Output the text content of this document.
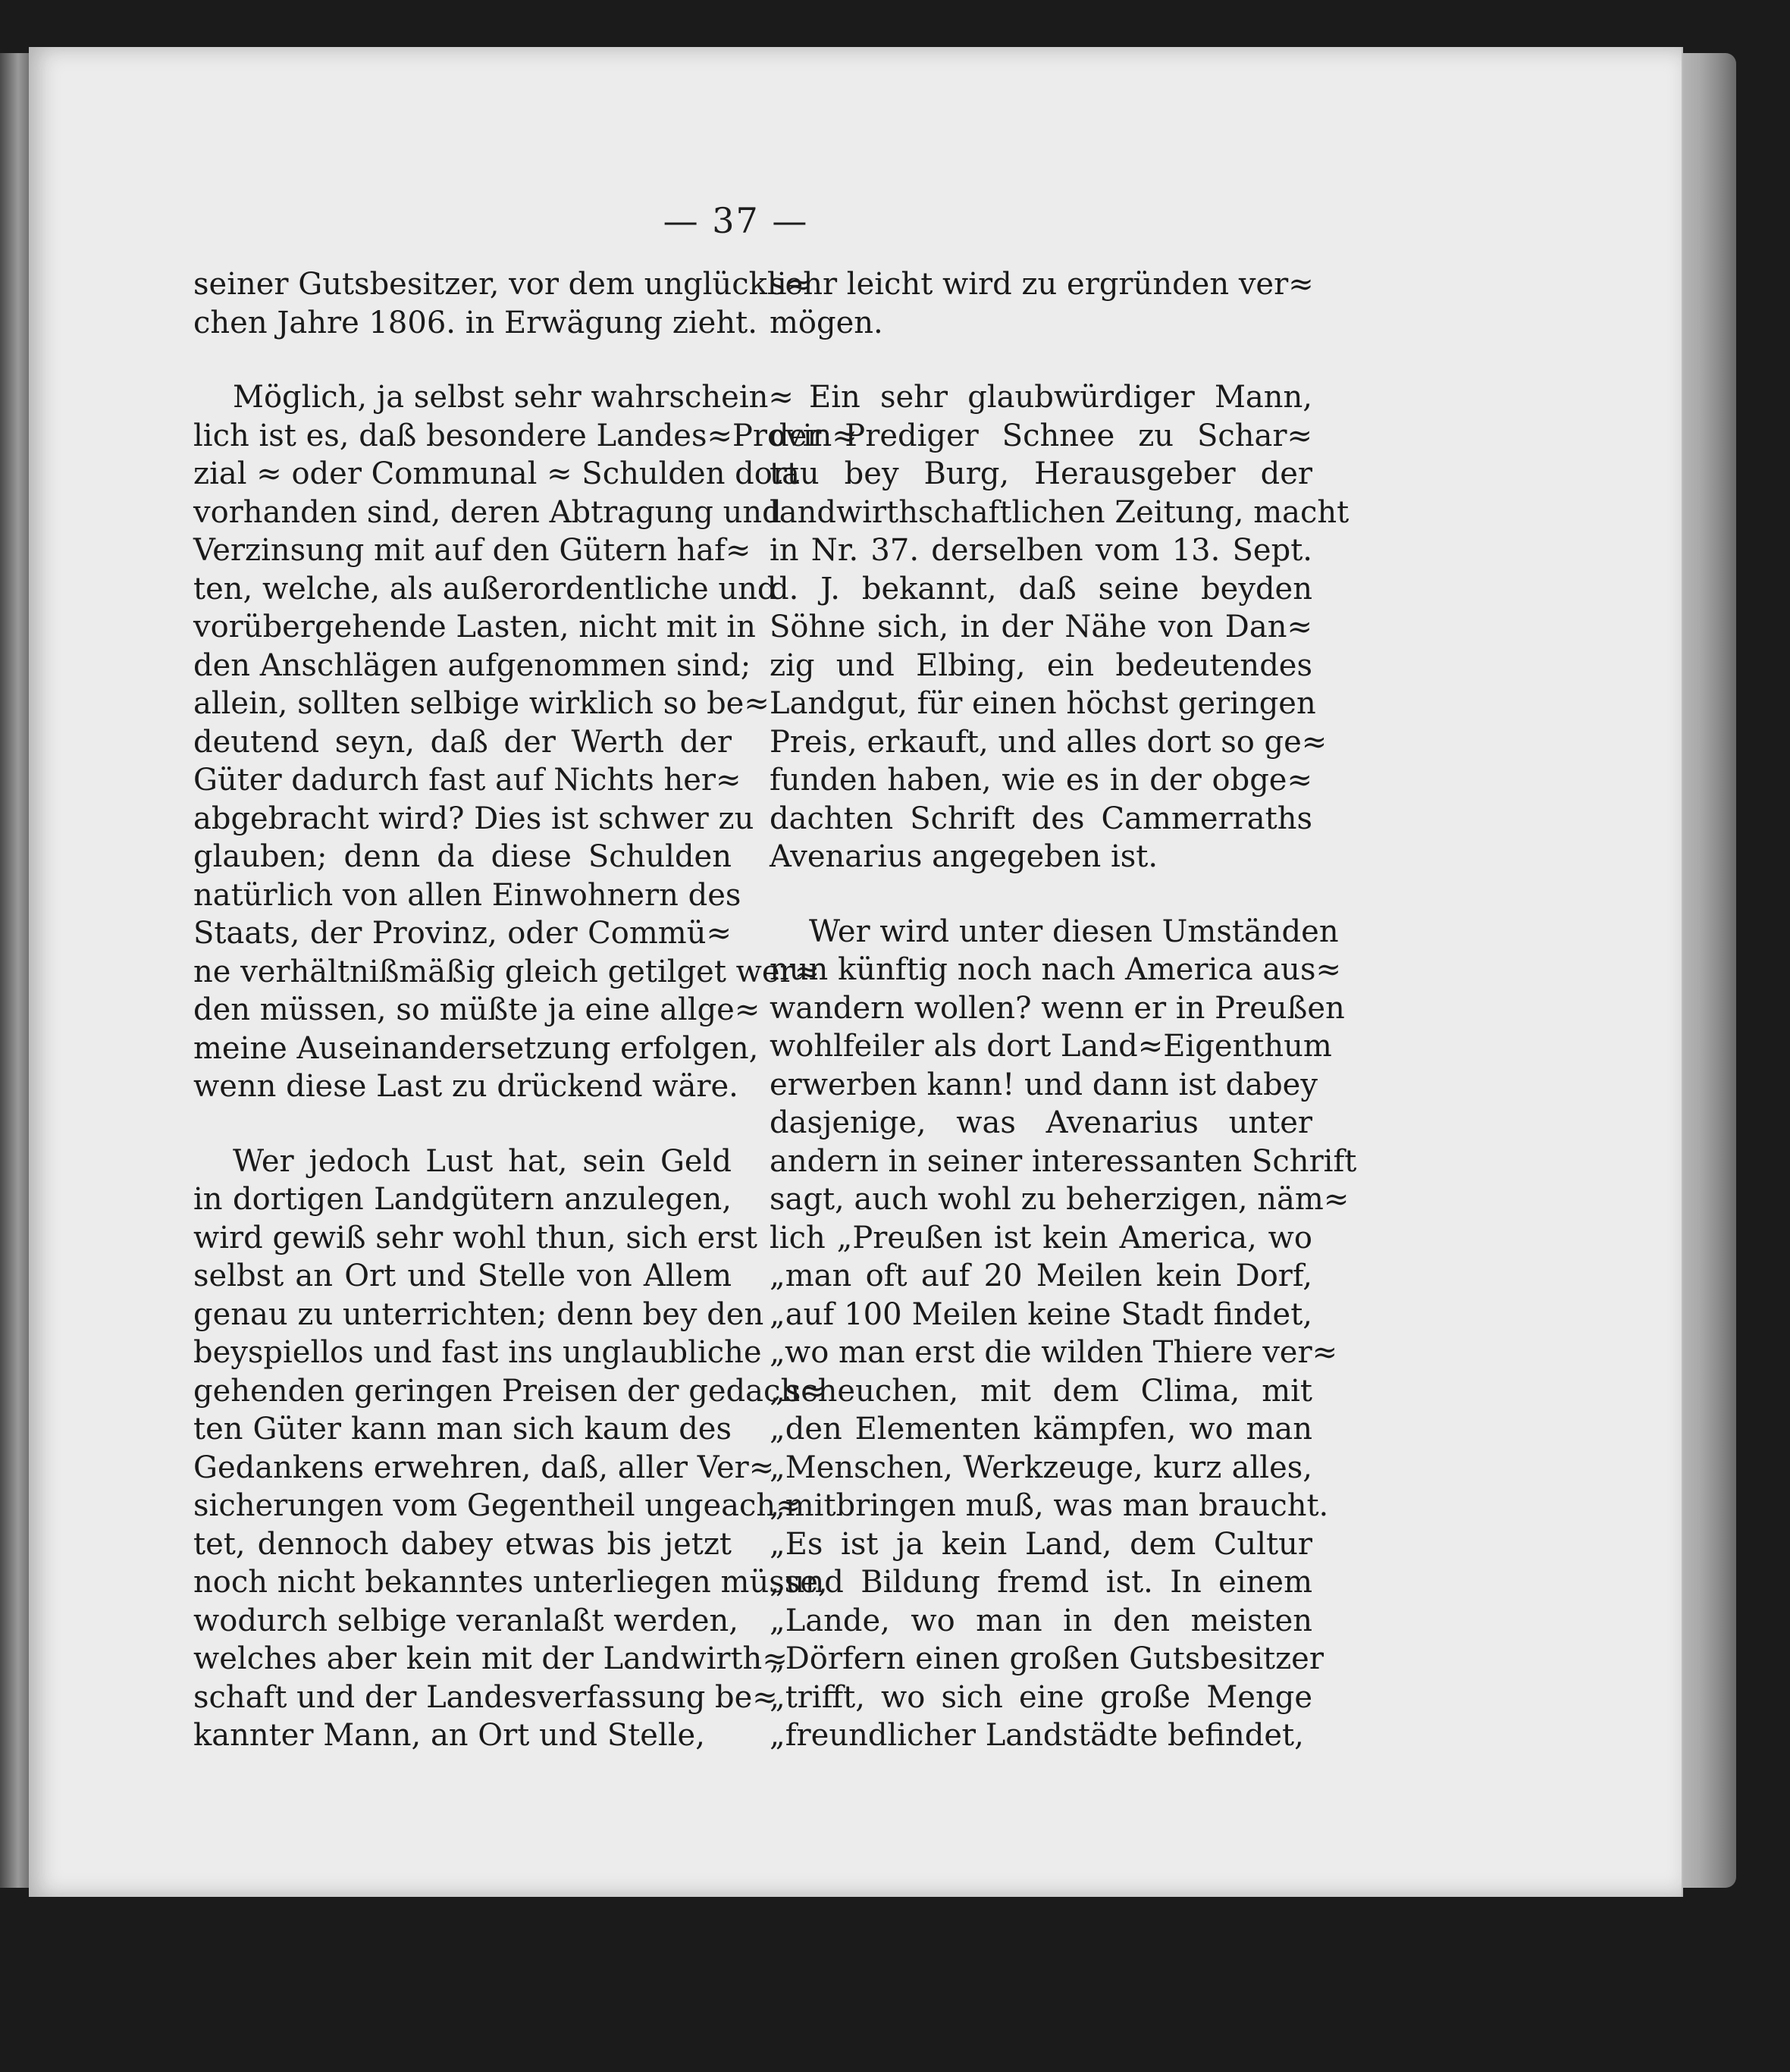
— 37 —
seiner Gutsbesitzer, vor dem unglückli≈
chen Jahre 1806. in Erwägung zieht.
Möglich, ja selbst sehr wahrschein≈
lich ist es, daß besondere Landes≈Provin≈
zial ≈ oder Communal ≈ Schulden dort
vorhanden sind, deren Abtragung und
Verzinsung mit auf den Gütern haf≈
ten, welche, als außerordentliche und
vorübergehende Lasten, nicht mit in
den Anschlägen aufgenommen sind;
allein, sollten selbige wirklich so be≈
deutend seyn, daß der Werth der
Güter dadurch fast auf Nichts her≈
abgebracht wird? Dies ist schwer zu
glauben; denn da diese Schulden
natürlich von allen Einwohnern des
Staats, der Provinz, oder Commü≈
ne verhältnißmäßig gleich getilget wer≈
den müssen, so müßte ja eine allge≈
meine Auseinandersetzung erfolgen,
wenn diese Last zu drückend wäre.
Wer jedoch Lust hat, sein Geld
in dortigen Landgütern anzulegen,
wird gewiß sehr wohl thun, sich erst
selbst an Ort und Stelle von Allem
genau zu unterrichten; denn bey den
beyspiellos und fast ins unglaubliche
gehenden geringen Preisen der gedach≈
ten Güter kann man sich kaum des
Gedankens erwehren, daß, aller Ver≈
sicherungen vom Gegentheil ungeach≈
tet, dennoch dabey etwas bis jetzt
noch nicht bekanntes unterliegen müsse,
wodurch selbige veranlaßt werden,
welches aber kein mit der Landwirth≈
schaft und der Landesverfassung be≈
kannter Mann, an Ort und Stelle,
sehr leicht wird zu ergründen ver≈
mögen.
Ein sehr glaubwürdiger Mann,
der Prediger Schnee zu Schar≈
tau bey Burg, Herausgeber der
landwirthschaftlichen Zeitung, macht
in Nr. 37. derselben vom 13. Sept.
d. J. bekannt, daß seine beyden
Söhne sich, in der Nähe von Dan≈
zig und Elbing, ein bedeutendes
Landgut, für einen höchst geringen
Preis, erkauft, und alles dort so ge≈
funden haben, wie es in der obge≈
dachten Schrift des Cammerraths
Avenarius angegeben ist.
Wer wird unter diesen Umständen
nun künftig noch nach America aus≈
wandern wollen? wenn er in Preußen
wohlfeiler als dort Land≈Eigenthum
erwerben kann! und dann ist dabey
dasjenige, was Avenarius unter
andern in seiner interessanten Schrift
sagt, auch wohl zu beherzigen, näm≈
lich „Preußen ist kein America, wo
„man oft auf 20 Meilen kein Dorf,
„auf 100 Meilen keine Stadt findet,
„wo man erst die wilden Thiere ver≈
„scheuchen, mit dem Clima, mit
„den Elementen kämpfen, wo man
„Menschen, Werkzeuge, kurz alles,
„mitbringen muß, was man braucht.
„Es ist ja kein Land, dem Cultur
„und Bildung fremd ist. In einem
„Lande, wo man in den meisten
„Dörfern einen großen Gutsbesitzer
„trifft, wo sich eine große Menge
„freundlicher Landstädte befindet,
